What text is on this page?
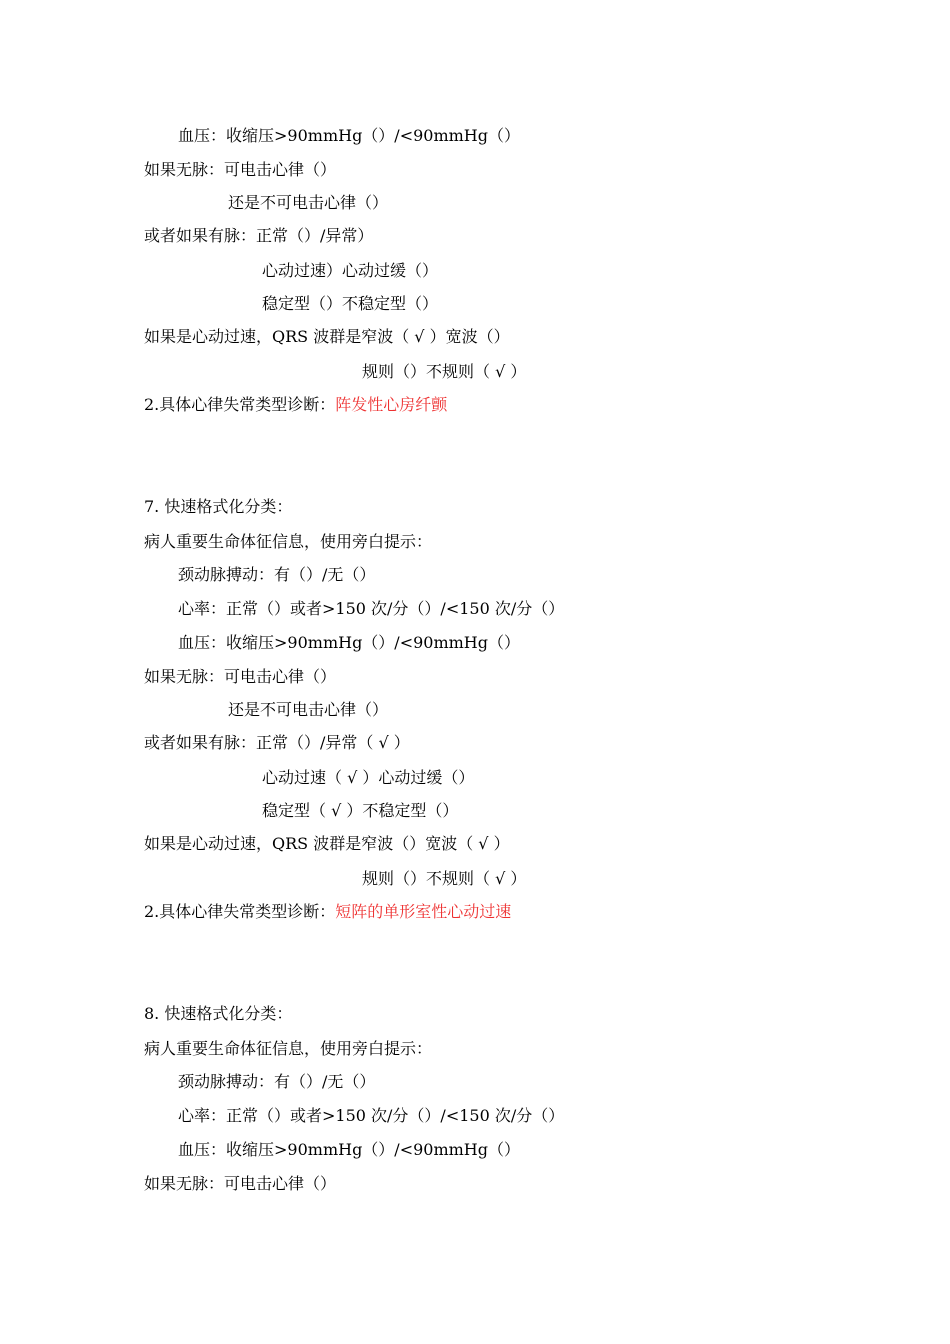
血压：收缩压>90mmHg（）/<90mmHg（）
如果无脉：可电击心律（）
还是不可电击心律（）
或者如果有脉：正常（）/异常）
心动过速）心动过缓（）
稳定型（）不稳定型（）
如果是心动过速，QRS 波群是窄波（ √ ）宽波（）
规则（）不规则（ √ ）
2.具体心律失常类型诊断：阵发性心房纤颤
7. 快速格式化分类：
病人重要生命体征信息，使用旁白提示：
颈动脉搏动：有（）/无（）
心率：正常（）或者>150 次/分（）/<150 次/分（）
血压：收缩压>90mmHg（）/<90mmHg（）
如果无脉：可电击心律（）
还是不可电击心律（）
或者如果有脉：正常（）/异常（ √ ）
心动过速（ √ ）心动过缓（）
稳定型（ √ ）不稳定型（）
如果是心动过速，QRS 波群是窄波（）宽波（ √ ）
规则（）不规则（ √ ）
2.具体心律失常类型诊断：短阵的单形室性心动过速
8. 快速格式化分类：
病人重要生命体征信息，使用旁白提示：
颈动脉搏动：有（）/无（）
心率：正常（）或者>150 次/分（）/<150 次/分（）
血压：收缩压>90mmHg（）/<90mmHg（）
如果无脉：可电击心律（）
